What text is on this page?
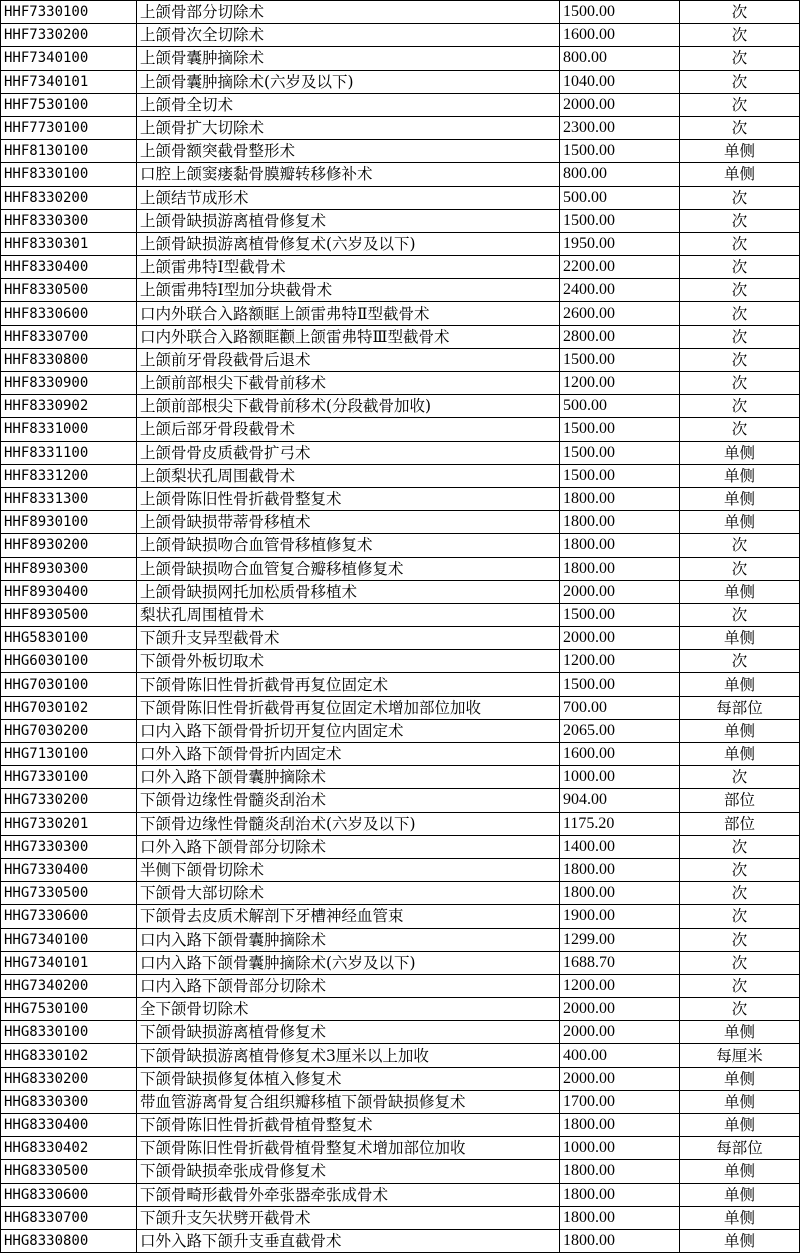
HHF7330100	上颌骨部分切除术	1500.00	次
HHF7330200	上颌骨次全切除术	1600.00	次
HHF7340100	上颌骨囊肿摘除术	800.00	次
HHF7340101	上颌骨囊肿摘除术(六岁及以下)	1040.00	次
HHF7530100	上颌骨全切术	2000.00	次
HHF7730100	上颌骨扩大切除术	2300.00	次
HHF8130100	上颌骨额突截骨整形术	1500.00	单侧
HHF8330100	口腔上颌窦瘘黏骨膜瓣转移修补术	800.00	单侧
HHF8330200	上颌结节成形术	500.00	次
HHF8330300	上颌骨缺损游离植骨修复术	1500.00	次
HHF8330301	上颌骨缺损游离植骨修复术(六岁及以下)	1950.00	次
HHF8330400	上颌雷弗特Ⅰ型截骨术	2200.00	次
HHF8330500	上颌雷弗特Ⅰ型加分块截骨术	2400.00	次
HHF8330600	口内外联合入路额眶上颌雷弗特Ⅱ型截骨术	2600.00	次
HHF8330700	口内外联合入路额眶颧上颌雷弗特Ⅲ型截骨术	2800.00	次
HHF8330800	上颌前牙骨段截骨后退术	1500.00	次
HHF8330900	上颌前部根尖下截骨前移术	1200.00	次
HHF8330902	上颌前部根尖下截骨前移术(分段截骨加收)	500.00	次
HHF8331000	上颌后部牙骨段截骨术	1500.00	次
HHF8331100	上颌骨骨皮质截骨扩弓术	1500.00	单侧
HHF8331200	上颌梨状孔周围截骨术	1500.00	单侧
HHF8331300	上颌骨陈旧性骨折截骨整复术	1800.00	单侧
HHF8930100	上颌骨缺损带蒂骨移植术	1800.00	单侧
HHF8930200	上颌骨缺损吻合血管骨移植修复术	1800.00	次
HHF8930300	上颌骨缺损吻合血管复合瓣移植修复术	1800.00	次
HHF8930400	上颌骨缺损网托加松质骨移植术	2000.00	单侧
HHF8930500	梨状孔周围植骨术	1500.00	次
HHG5830100	下颌升支异型截骨术	2000.00	单侧
HHG6030100	下颌骨外板切取术	1200.00	次
HHG7030100	下颌骨陈旧性骨折截骨再复位固定术	1500.00	单侧
HHG7030102	下颌骨陈旧性骨折截骨再复位固定术增加部位加收	700.00	每部位
HHG7030200	口内入路下颌骨骨折切开复位内固定术	2065.00	单侧
HHG7130100	口外入路下颌骨骨折内固定术	1600.00	单侧
HHG7330100	口外入路下颌骨囊肿摘除术	1000.00	次
HHG7330200	下颌骨边缘性骨髓炎刮治术	904.00	部位
HHG7330201	下颌骨边缘性骨髓炎刮治术(六岁及以下)	1175.20	部位
HHG7330300	口外入路下颌骨部分切除术	1400.00	次
HHG7330400	半侧下颌骨切除术	1800.00	次
HHG7330500	下颌骨大部切除术	1800.00	次
HHG7330600	下颌骨去皮质术解剖下牙槽神经血管束	1900.00	次
HHG7340100	口内入路下颌骨囊肿摘除术	1299.00	次
HHG7340101	口内入路下颌骨囊肿摘除术(六岁及以下)	1688.70	次
HHG7340200	口内入路下颌骨部分切除术	1200.00	次
HHG7530100	全下颌骨切除术	2000.00	次
HHG8330100	下颌骨缺损游离植骨修复术	2000.00	单侧
HHG8330102	下颌骨缺损游离植骨修复术3厘米以上加收	400.00	每厘米
HHG8330200	下颌骨缺损修复体植入修复术	2000.00	单侧
HHG8330300	带血管游离骨复合组织瓣移植下颌骨缺损修复术	1700.00	单侧
HHG8330400	下颌骨陈旧性骨折截骨植骨整复术	1800.00	单侧
HHG8330402	下颌骨陈旧性骨折截骨植骨整复术增加部位加收	1000.00	每部位
HHG8330500	下颌骨缺损牵张成骨修复术	1800.00	单侧
HHG8330600	下颌骨畸形截骨外牵张器牵张成骨术	1800.00	单侧
HHG8330700	下颌升支矢状劈开截骨术	1800.00	单侧
HHG8330800	口外入路下颌升支垂直截骨术	1800.00	单侧
